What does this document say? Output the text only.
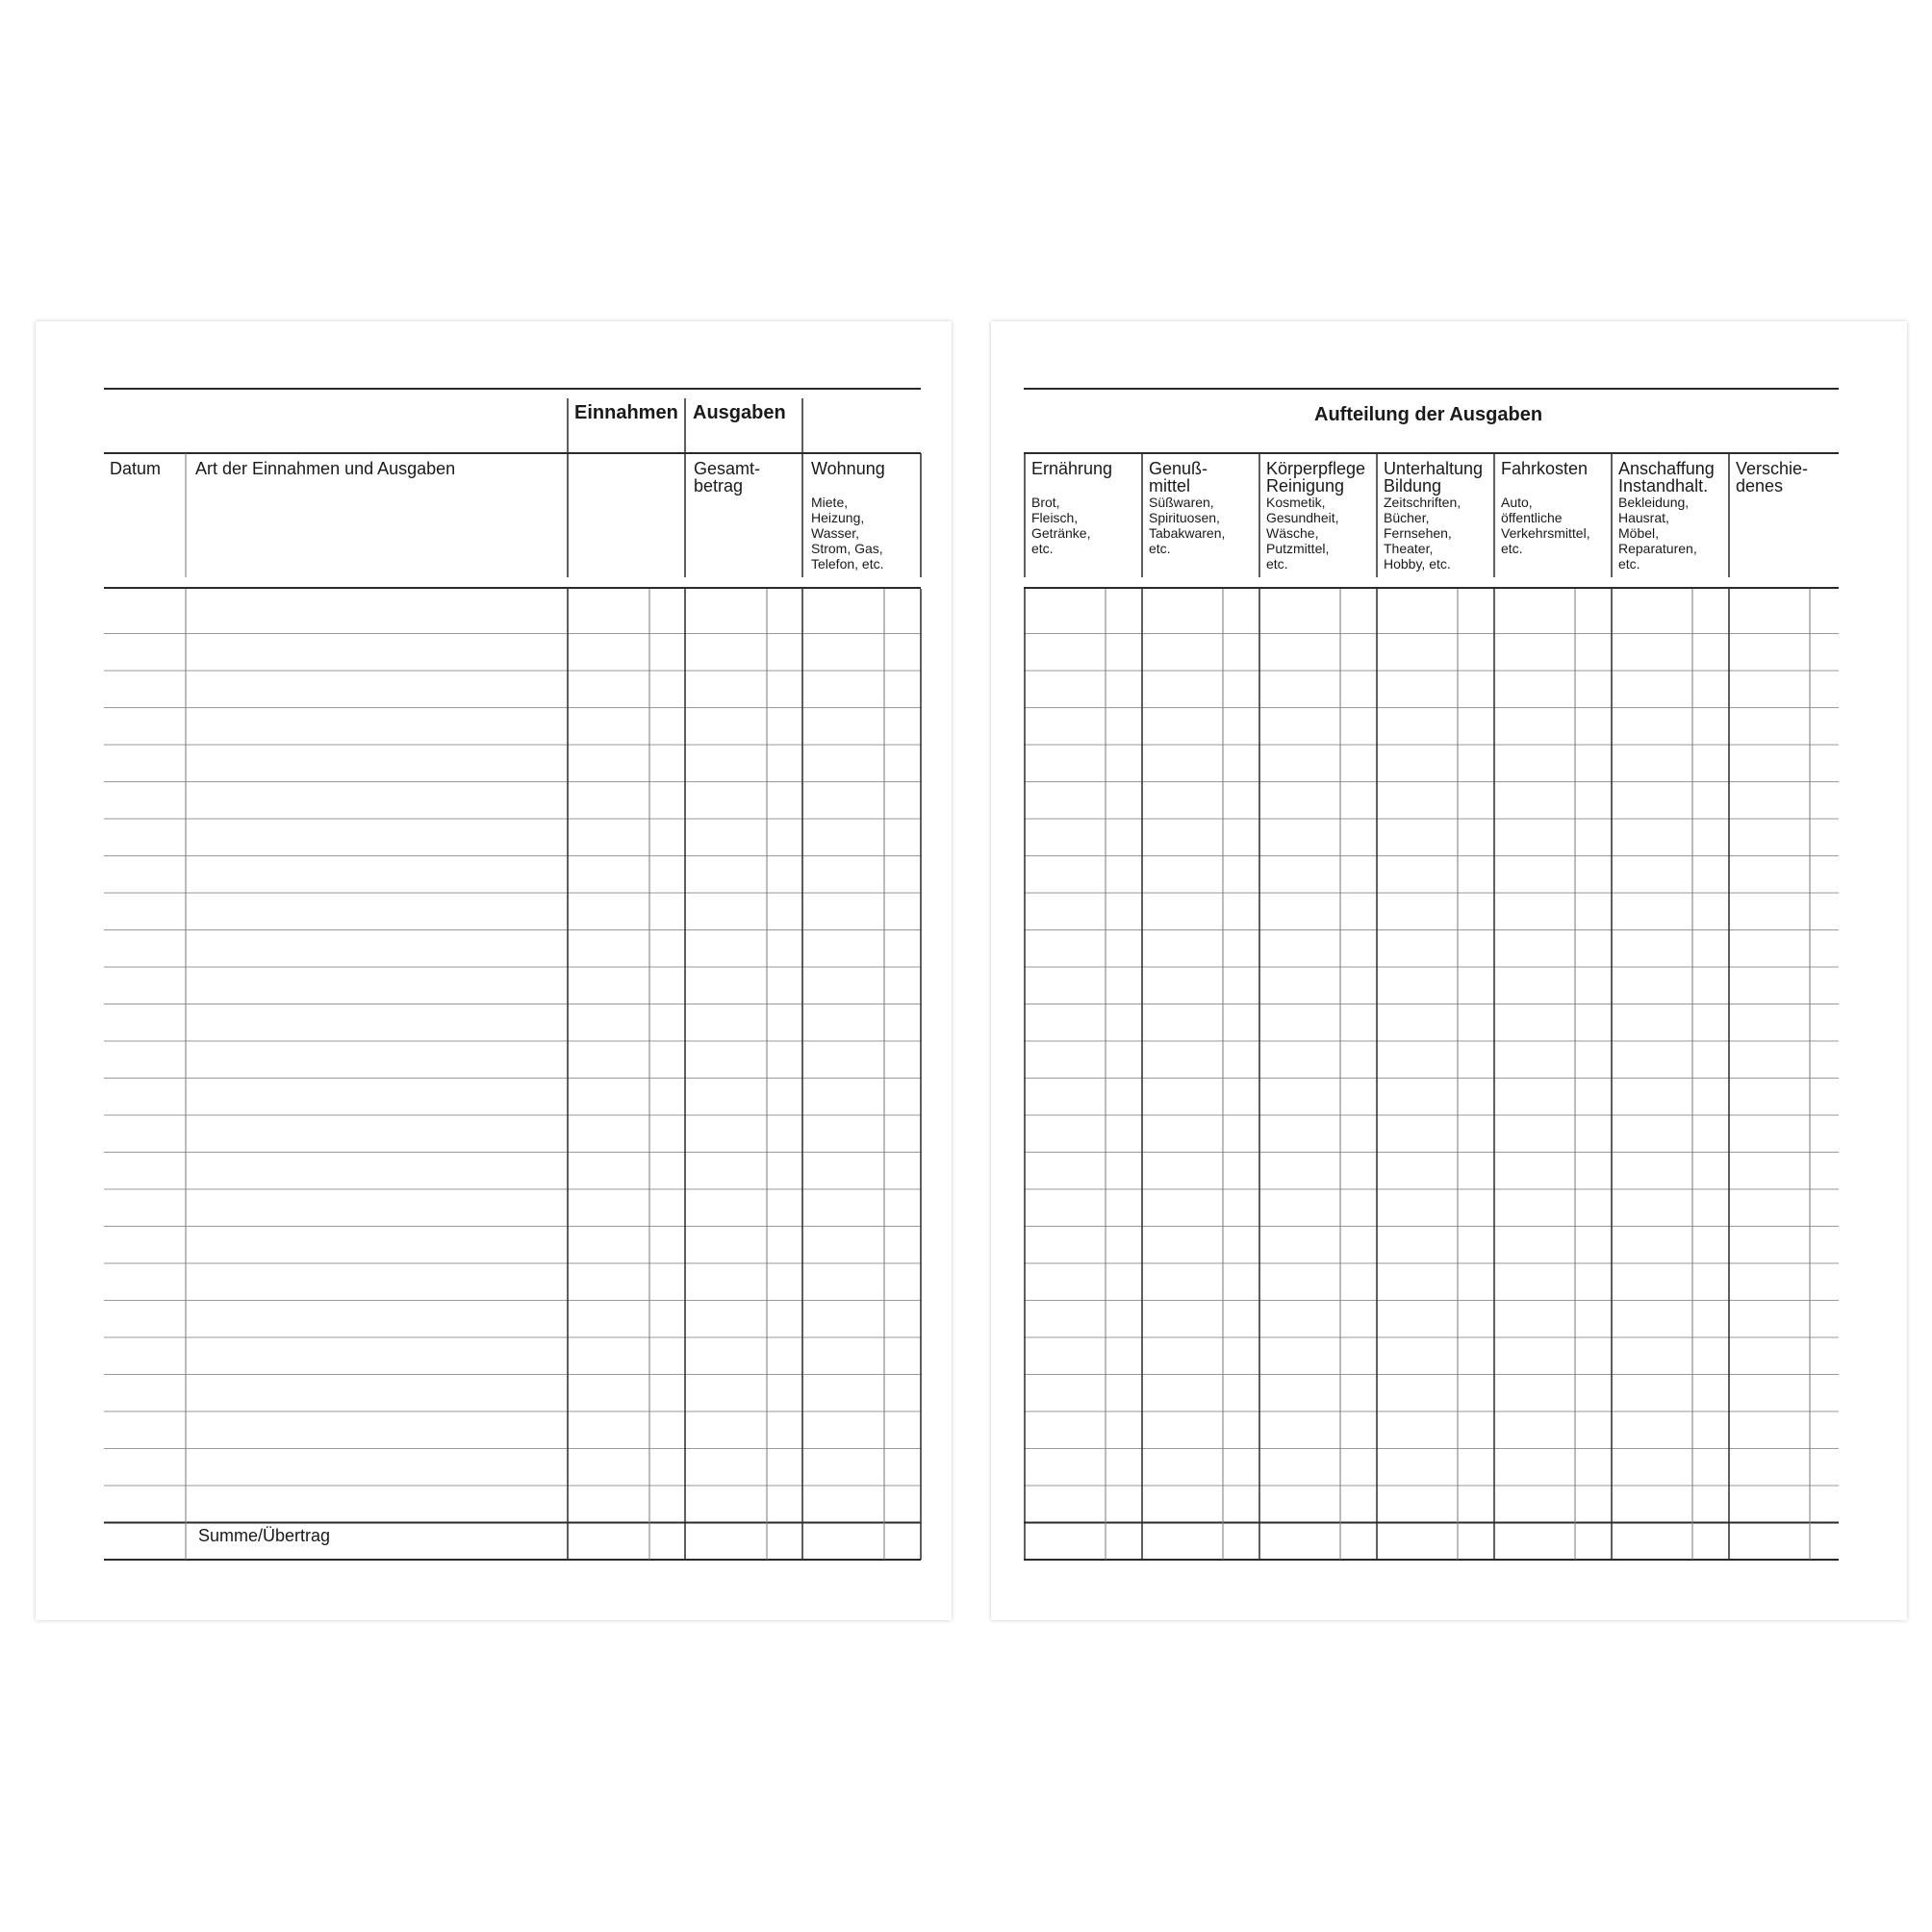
Einnahmen Ausgaben
Datum Art der Einnahmen und Ausgaben	Gesamt-
betrag
Wohnung
Miete,
Heizung,
Wasser,
Strom, Gas,
Telefon, etc.
Summe/Übertrag
Aufteilung der Ausgaben
Ernährung
Brot,
Fleisch,
Getränke,
etc.
Genuß-
mittel
Süßwaren,
Spirituosen,
Tabakwaren,
etc.
Körperpflege
Reinigung
Kosmetik,
Gesundheit,
Wäsche,
Putzmittel,
etc.
Unterhaltung
Bildung
Zeitschriften,
Bücher,
Fernsehen,
Theater,
Hobby, etc.
Fahrkosten
Auto,
öffentliche
Verkehrsmittel,
etc.
Anschaffung
Instandhalt.
Bekleidung,
Hausrat,
Möbel,
Reparaturen,
etc.
Verschie-
denes
